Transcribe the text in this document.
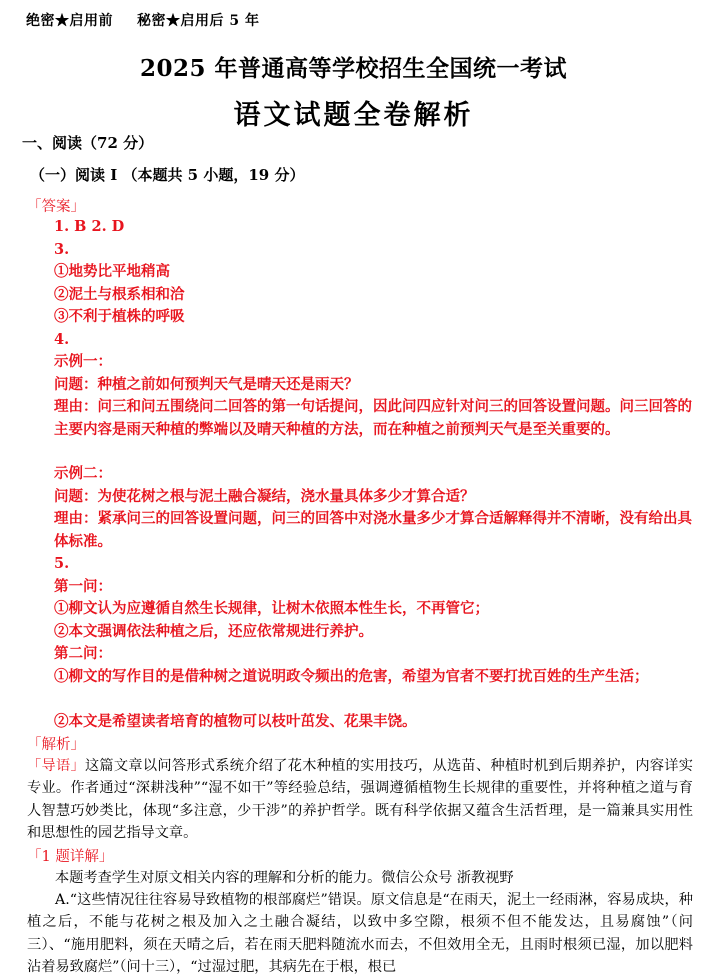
绝密★启用前 秘密★启用后 5 年
2025 年普通高等学校招生全国统一考试
语文试题全卷解析
一、阅读（72 分）
（一）阅读 I （本题共 5 小题，19 分）
「答案」
1. B 2. D
3.
①地势比平地稍高
②泥土与根系相和洽
③不利于植株的呼吸
4.
示例一：
问题：种植之前如何预判天气是晴天还是雨天？
理由：问三和问五围绕问二回答的第一句话提问，因此问四应针对问三的回答设置问题。问三回答的主要内容是雨天种植的弊端以及晴天种植的方法，而在种植之前预判天气是至关重要的。
示例二：
问题：为使花树之根与泥土融合凝结，浇水量具体多少才算合适？
理由：紧承问三的回答设置问题，问三的回答中对浇水量多少才算合适解释得并不清晰，没有给出具体标准。
5.
第一问：
①柳文认为应遵循自然生长规律，让树木依照本性生长，不再管它；
②本文强调依法种植之后，还应依常规进行养护。
第二问：
①柳文的写作目的是借种树之道说明政令频出的危害，希望为官者不要打扰百姓的生产生活；
②本文是希望读者培育的植物可以枝叶茁发、花果丰饶。
「解析」
「导语」这篇文章以问答形式系统介绍了花木种植的实用技巧，从选苗、种植时机到后期养护，内容详实专业。作者通过“深耕浅种”“湿不如干”等经验总结，强调遵循植物生长规律的重要性，并将种植之道与育人智慧巧妙类比，体现“多注意，少干涉”的养护哲学。既有科学依据又蕴含生活哲理，是一篇兼具实用性和思想性的园艺指导文章。
「1 题详解」
本题考查学生对原文相关内容的理解和分析的能力。微信公众号 浙教视野
A.“这些情况往往容易导致植物的根部腐烂”错误。原文信息是“在雨天，泥土一经雨淋，容易成块，种植之后，不能与花树之根及加入之土融合凝结，以致中多空隙，根须不但不能发达，且易腐蚀”（问三）、“施用肥料，须在天晴之后，若在雨天肥料随流水而去，不但效用全无，且雨时根须已湿，加以肥料沾着易致腐烂”（问十三），“过湿过肥，其病先在于根，根已
